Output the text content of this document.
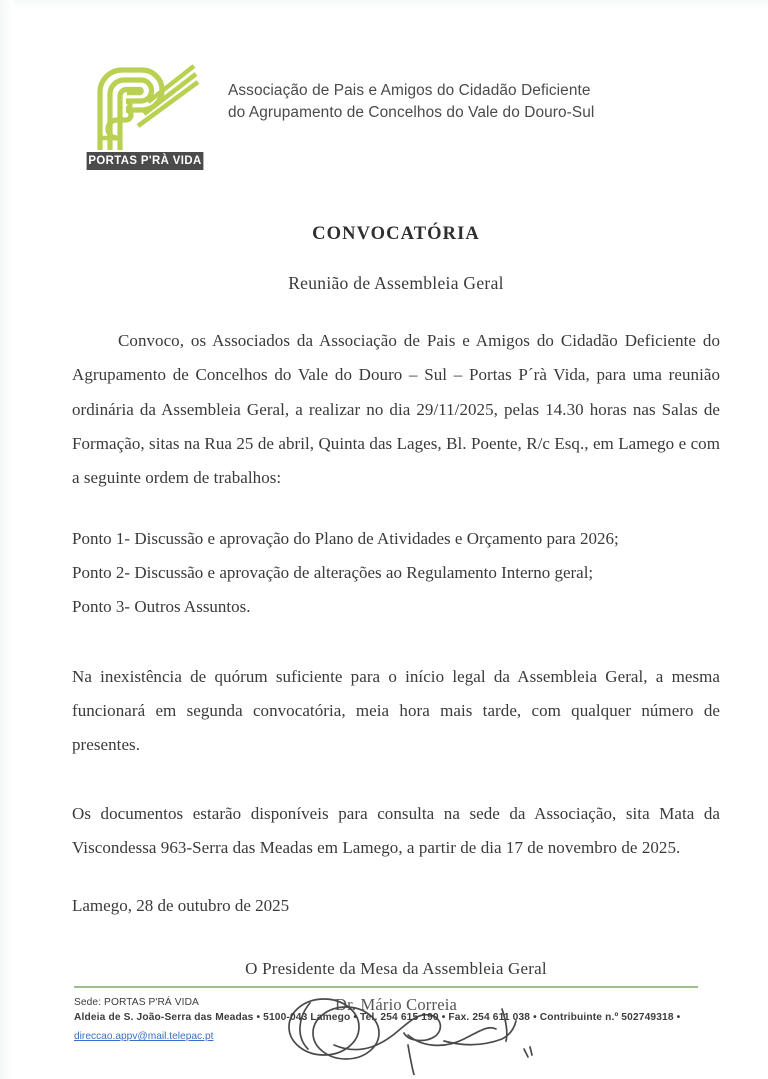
PORTAS P'RÀ VIDA
Associação de Pais e Amigos do Cidadão Deficiente
do Agrupamento de Concelhos do Vale do Douro-Sul
CONVOCATÓRIA
Reunião de Assembleia Geral

Convoco, os Associados da Associação de Pais e Amigos do Cidadão Deficiente do Agrupamento de Concelhos do Vale do Douro – Sul – Portas P´rà Vida, para uma reunião ordinária da Assembleia Geral, a realizar no dia 29/11/2025, pelas 14.30 horas nas Salas de Formação, sitas na Rua 25 de abril, Quinta das Lages, Bl. Poente, R/c Esq., em Lamego e com a seguinte ordem de trabalhos:

Ponto 1- Discussão e aprovação do Plano de Atividades e Orçamento para 2026;
Ponto 2- Discussão e aprovação de alterações ao Regulamento Interno geral;
Ponto 3- Outros Assuntos.

Na inexistência de quórum suficiente para o início legal da Assembleia Geral, a mesma funcionará em segunda convocatória, meia hora mais tarde, com qualquer número de presentes.

Os documentos estarão disponíveis para consulta na sede da Associação, sita Mata da Viscondessa 963-Serra das Meadas em Lamego, a partir de dia 17 de novembro de 2025.

Lamego, 28 de outubro de 2025
O Presidente da Mesa da Assembleia Geral
Dr. Mário Correia
Sede: PORTAS P'RÁ VIDA
Aldeia de S. João-Serra das Meadas • 5100-043 Lamego • Tel. 254 615 190 • Fax. 254 611 038 • Contribuinte n.º 502749318 •
direccao.appv@mail.telepac.pt
